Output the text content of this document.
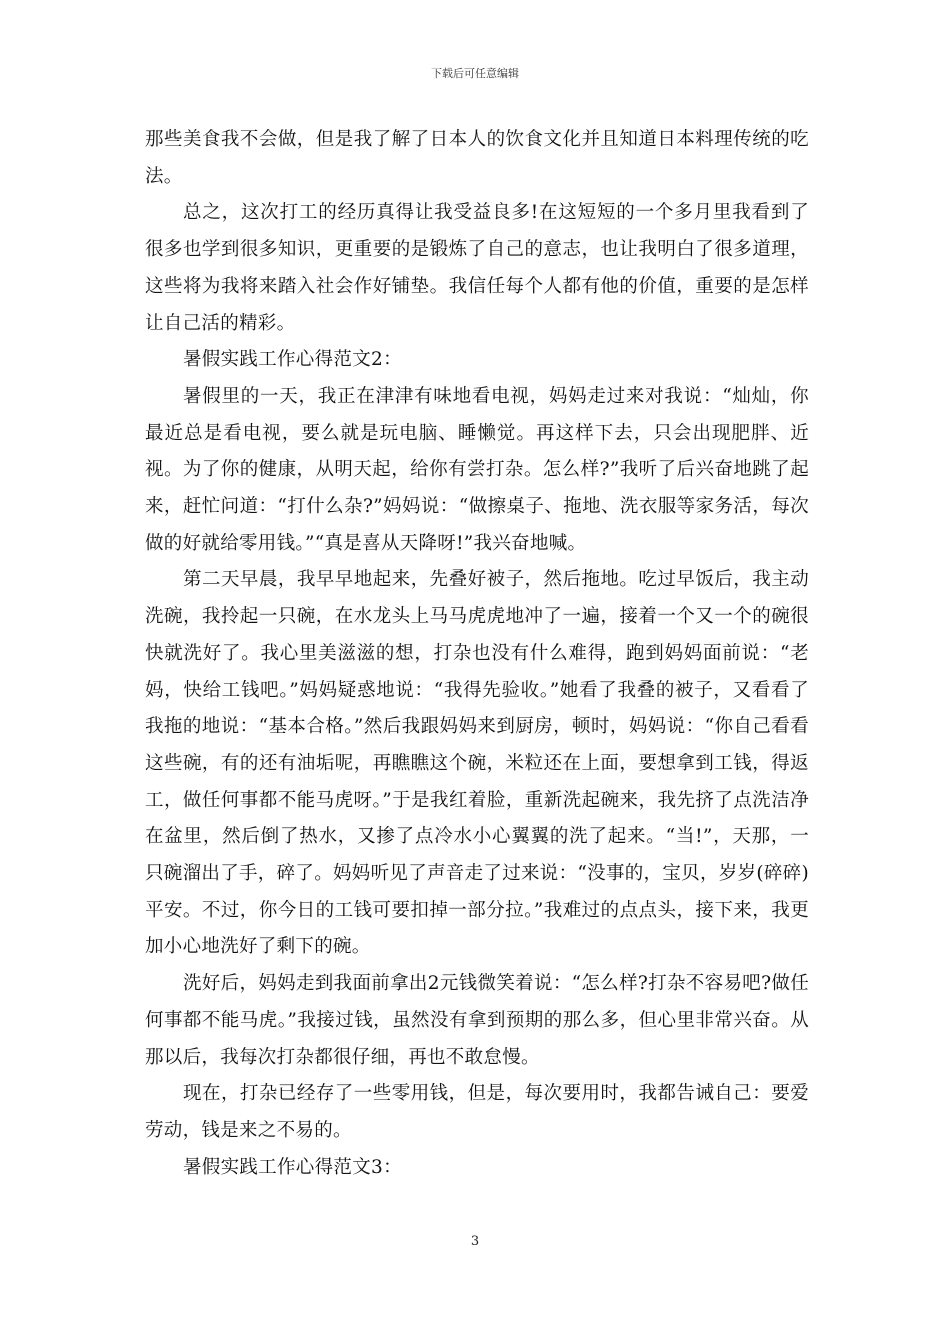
下载后可任意编辑

那些美食我不会做，但是我了解了日本人的饮食文化并且知道日本料理传统的吃法。

总之，这次打工的经历真得让我受益良多!在这短短的一个多月里我看到了很多也学到很多知识，更重要的是锻炼了自己的意志，也让我明白了很多道理，这些将为我将来踏入社会作好铺垫。我信任每个人都有他的价值，重要的是怎样让自己活的精彩。

暑假实践工作心得范文2：

暑假里的一天，我正在津津有味地看电视，妈妈走过来对我说：“灿灿，你最近总是看电视，要么就是玩电脑、睡懒觉。再这样下去，只会出现肥胖、近视。为了你的健康，从明天起，给你有尝打杂。怎么样?”我听了后兴奋地跳了起来，赶忙问道：“打什么杂?”妈妈说：“做擦桌子、拖地、洗衣服等家务活，每次做的好就给零用钱。”“真是喜从天降呀!”我兴奋地喊。

第二天早晨，我早早地起来，先叠好被子，然后拖地。吃过早饭后，我主动洗碗，我拎起一只碗，在水龙头上马马虎虎地冲了一遍，接着一个又一个的碗很快就洗好了。我心里美滋滋的想，打杂也没有什么难得，跑到妈妈面前说：“老妈，快给工钱吧。”妈妈疑惑地说：“我得先验收。”她看了我叠的被子，又看看了我拖的地说：“基本合格。”然后我跟妈妈来到厨房，顿时，妈妈说：“你自己看看这些碗，有的还有油垢呢，再瞧瞧这个碗，米粒还在上面，要想拿到工钱，得返工，做任何事都不能马虎呀。”于是我红着脸，重新洗起碗来，我先挤了点洗洁净在盆里，然后倒了热水，又掺了点冷水小心翼翼的洗了起来。“当!”，天那，一只碗溜出了手，碎了。妈妈听见了声音走了过来说：“没事的，宝贝，岁岁(碎碎)平安。不过，你今日的工钱可要扣掉一部分拉。”我难过的点点头，接下来，我更加小心地洗好了剩下的碗。

洗好后，妈妈走到我面前拿出2元钱微笑着说：“怎么样?打杂不容易吧?做任何事都不能马虎。”我接过钱，虽然没有拿到预期的那么多，但心里非常兴奋。从那以后，我每次打杂都很仔细，再也不敢怠慢。

现在，打杂已经存了一些零用钱，但是，每次要用时，我都告诫自己：要爱劳动，钱是来之不易的。

暑假实践工作心得范文3：

3
